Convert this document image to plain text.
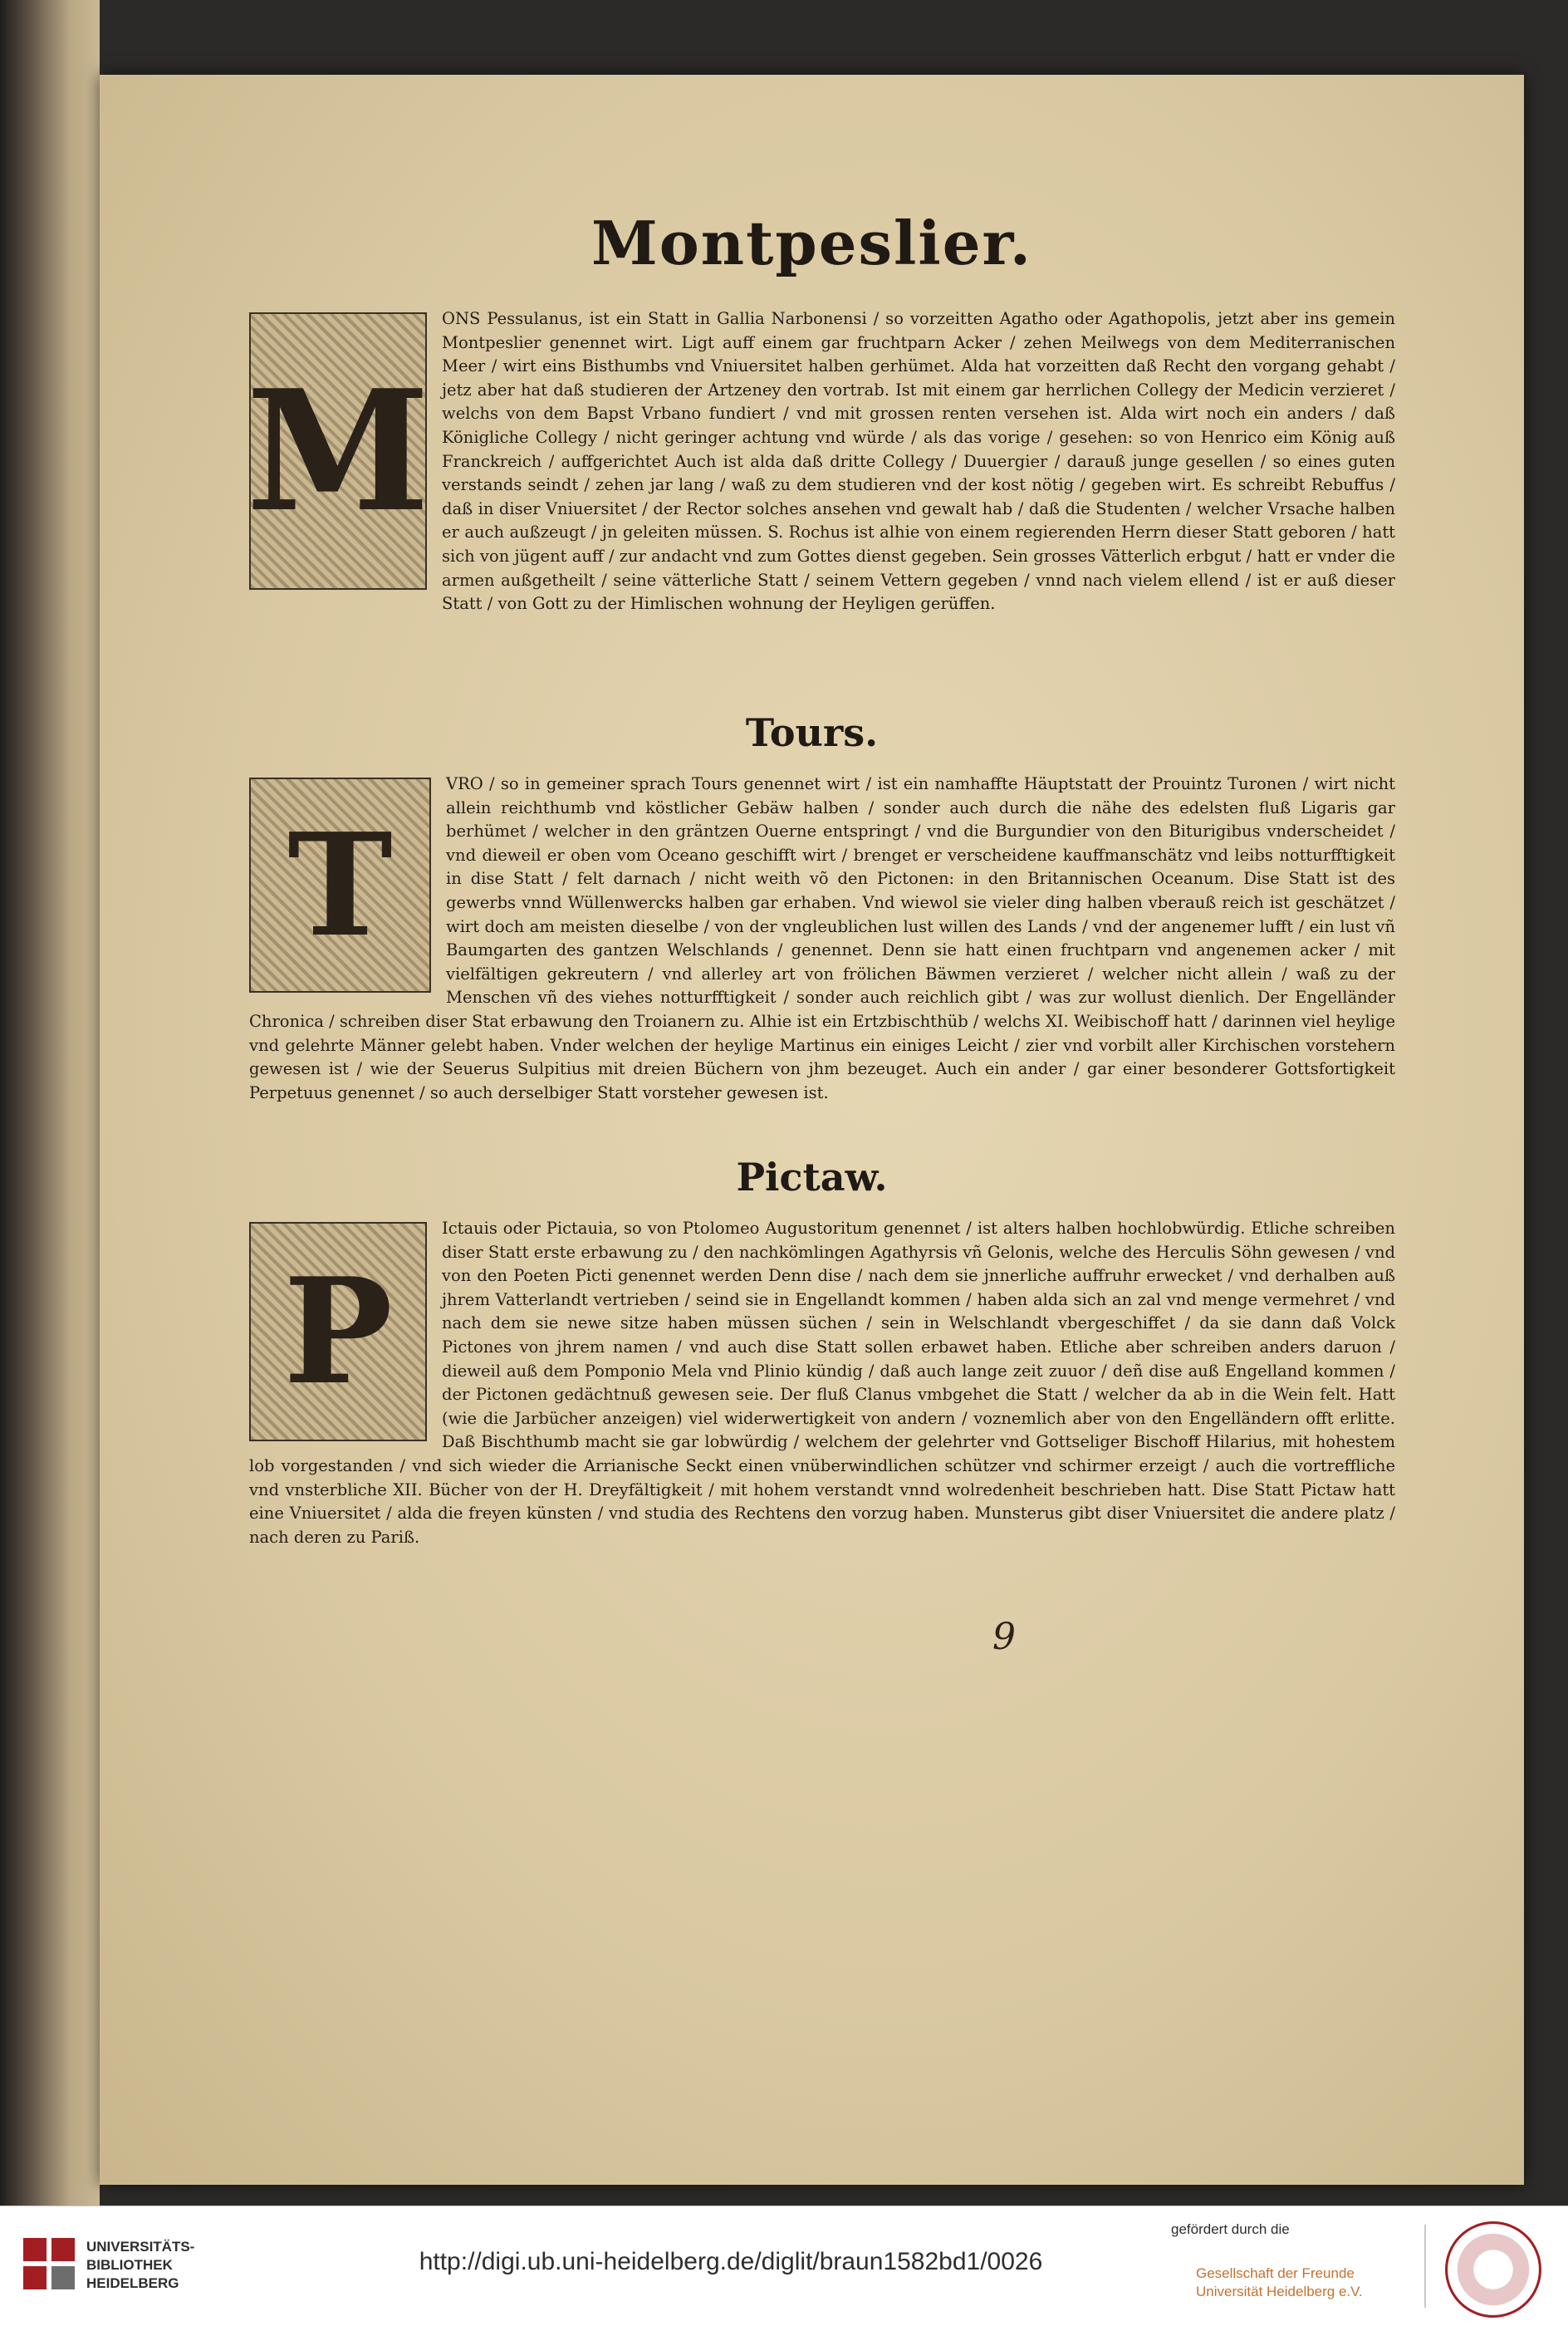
Montpeslier.
M

ONS Pessulanus, ist ein Statt in Gallia Narbonensi / so vorzeitten Agatho oder Agathopolis, jetzt aber ins gemein Montpeslier genennet wirt. Ligt auff einem gar fruchtparn Acker / zehen Meilwegs von dem Mediterranischen Meer / wirt eins Bisthumbs vnd Vniuersitet halben gerhümet. Alda hat vorzeitten daß Recht den vorgang gehabt / jetz aber hat daß studieren der Artzeney den vortrab. Ist mit einem gar herrlichen Collegy der Medicin verzieret / welchs von dem Bapst Vrbano fundiert / vnd mit grossen renten versehen ist. Alda wirt noch ein anders / daß Königliche Collegy / nicht geringer achtung vnd würde / als das vorige / gesehen: so von Henrico eim König auß Franckreich / auffgerichtet Auch ist alda daß dritte Collegy / Duuergier / darauß junge gesellen / so eines guten verstands seindt / zehen jar lang / waß zu dem studieren vnd der kost nötig / gegeben wirt. Es schreibt Rebuffus / daß in diser Vniuersitet / der Rector solches ansehen vnd gewalt hab / daß die Studenten / welcher Vrsache halben er auch außzeugt / jn geleiten müssen. S. Rochus ist alhie von einem regierenden Herrn dieser Statt geboren / hatt sich von jügent auff / zur andacht vnd zum Gottes dienst gegeben. Sein grosses Vätterlich erbgut / hatt er vnder die armen außgetheilt / seine vätterliche Statt / seinem Vettern gegeben / vnnd nach vielem ellend / ist er auß dieser Statt / von Gott zu der Himlischen wohnung der Heyligen gerüffen.

Tours.
T

VRO / so in gemeiner sprach Tours genennet wirt / ist ein namhaffte Häuptstatt der Prouintz Turonen / wirt nicht allein reichthumb vnd köstlicher Gebäw halben / sonder auch durch die nähe des edelsten fluß Ligaris gar berhümet / welcher in den gräntzen Ouerne entspringt / vnd die Burgundier von den Biturigibus vnderscheidet / vnd dieweil er oben vom Oceano geschifft wirt / brenget er verscheidene kauffmanschätz vnd leibs notturfftigkeit in dise Statt / felt darnach / nicht weith võ den Pictonen: in den Britannischen Oceanum. Dise Statt ist des gewerbs vnnd Wüllenwercks halben gar erhaben. Vnd wiewol sie vieler ding halben vberauß reich ist geschätzet / wirt doch am meisten dieselbe / von der vngleublichen lust willen des Lands / vnd der angenemer lufft / ein lust vñ Baumgarten des gantzen Welschlands / genennet. Denn sie hatt einen fruchtparn vnd angenemen acker / mit vielfältigen gekreutern / vnd allerley art von frölichen Bäwmen verzieret / welcher nicht allein / waß zu der Menschen vñ des viehes notturfftigkeit / sonder auch reichlich gibt / was zur wollust dienlich. Der Engelländer Chronica / schreiben diser Stat erbawung den Troianern zu. Alhie ist ein Ertzbischthüb / welchs XI. Weibischoff hatt / darinnen viel heylige vnd gelehrte Männer gelebt haben. Vnder welchen der heylige Martinus ein einiges Leicht / zier vnd vorbilt aller Kirchischen vorstehern gewesen ist / wie der Seuerus Sulpitius mit dreien Büchern von jhm bezeuget. Auch ein ander / gar einer besonderer Gottsfortigkeit Perpetuus genennet / so auch derselbiger Statt vorsteher gewesen ist.

Pictaw.
P

Ictauis oder Pictauia, so von Ptolomeo Augustoritum genennet / ist alters halben hochlobwürdig. Etliche schreiben diser Statt erste erbawung zu / den nachkömlingen Agathyrsis vñ Gelonis, welche des Herculis Söhn gewesen / vnd von den Poeten Picti genennet werden Denn dise / nach dem sie jnnerliche auffruhr erwecket / vnd derhalben auß jhrem Vatterlandt vertrieben / seind sie in Engellandt kommen / haben alda sich an zal vnd menge vermehret / vnd nach dem sie newe sitze haben müssen süchen / sein in Welschlandt vbergeschiffet / da sie dann daß Volck Pictones von jhrem namen / vnd auch dise Statt sollen erbawet haben. Etliche aber schreiben anders daruon / dieweil auß dem Pomponio Mela vnd Plinio kündig / daß auch lange zeit zuuor / deñ dise auß Engelland kommen / der Pictonen gedächtnuß gewesen seie. Der fluß Clanus vmbgehet die Statt / welcher da ab in die Wein felt. Hatt (wie die Jarbücher anzeigen) viel widerwertigkeit von andern / voznemlich aber von den Engelländern offt erlitte. Daß Bischthumb macht sie gar lobwürdig / welchem der gelehrter vnd Gottseliger Bischoff Hilarius, mit hohestem lob vorgestanden / vnd sich wieder die Arrianische Seckt einen vnüberwindlichen schützer vnd schirmer erzeigt / auch die vortreffliche vnd vnsterbliche XII. Bücher von der H. Dreyfältigkeit / mit hohem verstandt vnnd wolredenheit beschrieben hatt. Dise Statt Pictaw hatt eine Vniuersitet / alda die freyen künsten / vnd studia des Rechtens den vorzug haben. Munsterus gibt diser Vniuersitet die andere platz / nach deren zu Pariß.

9
UNIVERSITÄTS-
BIBLIOTHEK
HEIDELBERG
http://digi.ub.uni-heidelberg.de/diglit/braun1582bd1/0026
gefördert durch die
Gesellschaft der Freunde
Universität Heidelberg e.V.
